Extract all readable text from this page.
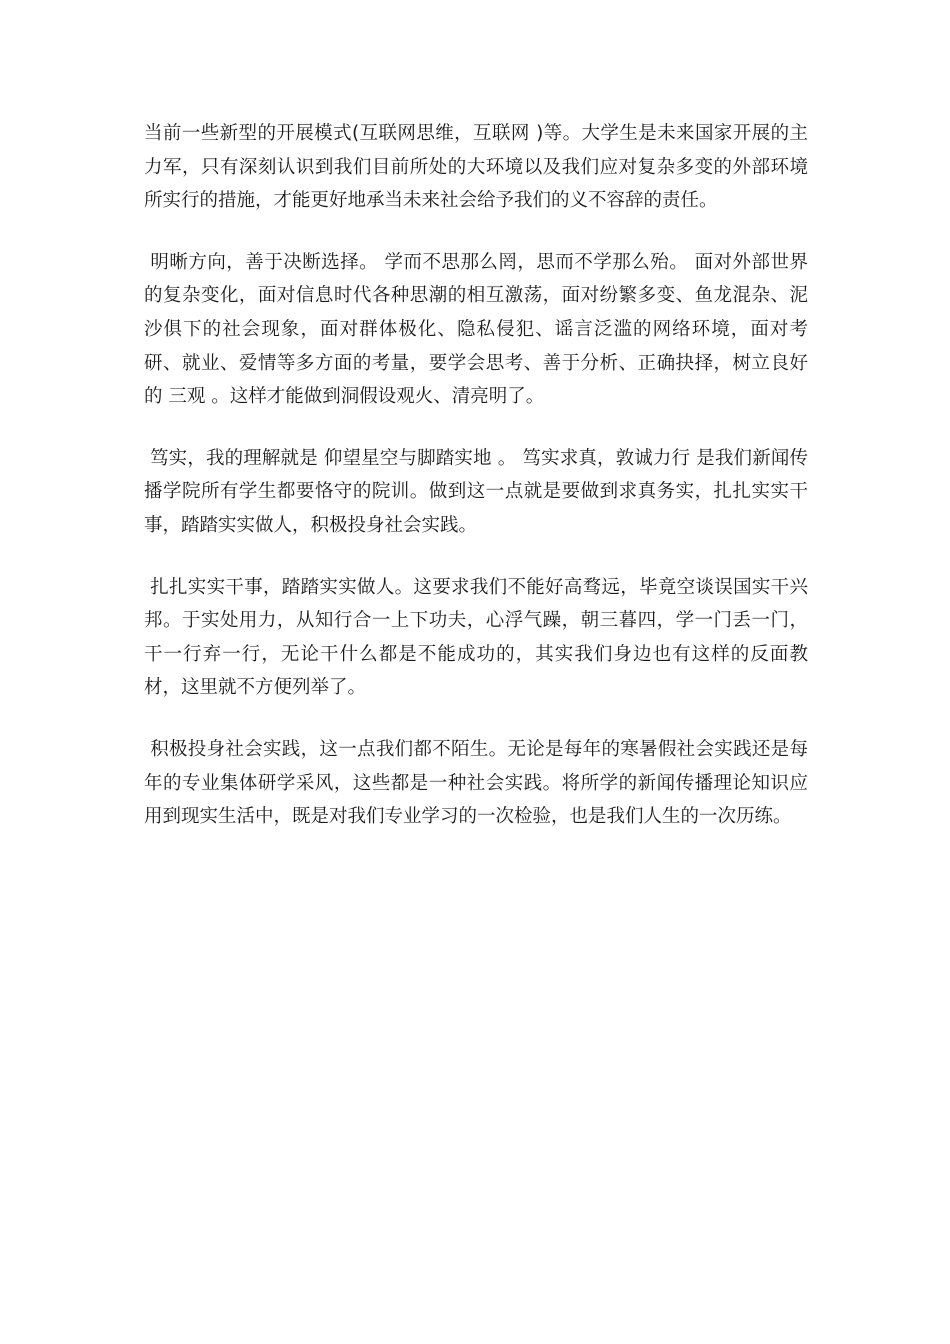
当前一些新型的开展模式(互联网思维，互联网 )等。大学生是未来国家开展的主力军，只有深刻认识到我们目前所处的大环境以及我们应对复杂多变的外部环境所实行的措施，才能更好地承当未来社会给予我们的义不容辞的责任。

明晰方向，善于决断选择。 学而不思那么罔，思而不学那么殆。 面对外部世界的复杂变化，面对信息时代各种思潮的相互激荡，面对纷繁多变、鱼龙混杂、泥沙俱下的社会现象，面对群体极化、隐私侵犯、谣言泛滥的网络环境，面对考研、就业、爱情等多方面的考量，要学会思考、善于分析、正确抉择，树立良好的 三观 。这样才能做到洞假设观火、清亮明了。

笃实，我的理解就是 仰望星空与脚踏实地 。 笃实求真，敦诚力行 是我们新闻传播学院所有学生都要恪守的院训。做到这一点就是要做到求真务实，扎扎实实干事，踏踏实实做人，积极投身社会实践。

扎扎实实干事，踏踏实实做人。这要求我们不能好高骛远，毕竟空谈误国实干兴邦。于实处用力，从知行合一上下功夫，心浮气躁，朝三暮四，学一门丢一门，干一行弃一行，无论干什么都是不能成功的，其实我们身边也有这样的反面教材，这里就不方便列举了。

积极投身社会实践，这一点我们都不陌生。无论是每年的寒暑假社会实践还是每年的专业集体研学采风，这些都是一种社会实践。将所学的新闻传播理论知识应用到现实生活中，既是对我们专业学习的一次检验，也是我们人生的一次历练。
